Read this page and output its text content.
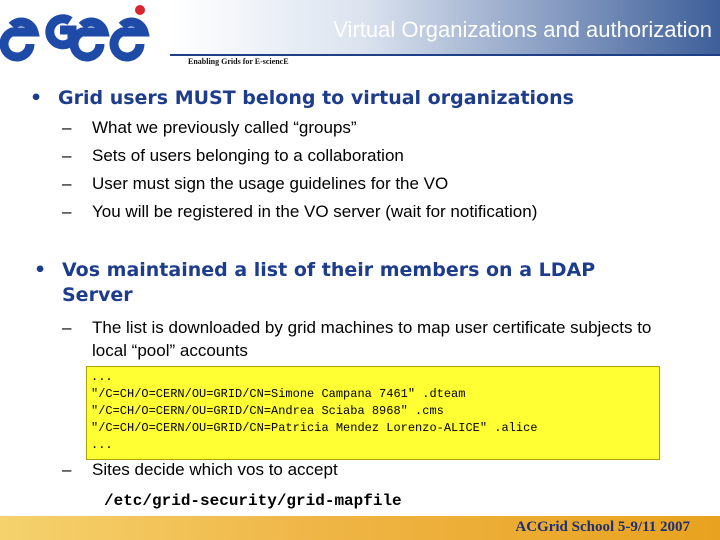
Virtual Organizations and authorization
Enabling Grids for E-sciencE
• Grid users MUST belong to virtual organizations
– What we previously called “groups”
– Sets of users belonging to a collaboration
– User must sign the usage guidelines for the VO
– You will be registered in the VO server (wait for notification)
• Vos maintained a list of their members on a LDAP Server
– The list is downloaded by grid machines to map user certificate subjects to local “pool” accounts
...
"/C=CH/O=CERN/OU=GRID/CN=Simone Campana 7461" .dteam
"/C=CH/O=CERN/OU=GRID/CN=Andrea Sciaba 8968" .cms
"/C=CH/O=CERN/OU=GRID/CN=Patricia Mendez Lorenzo-ALICE" .alice
...
– Sites decide which vos to accept
/etc/grid-security/grid-mapfile
ACGrid School 5-9/11 2007
